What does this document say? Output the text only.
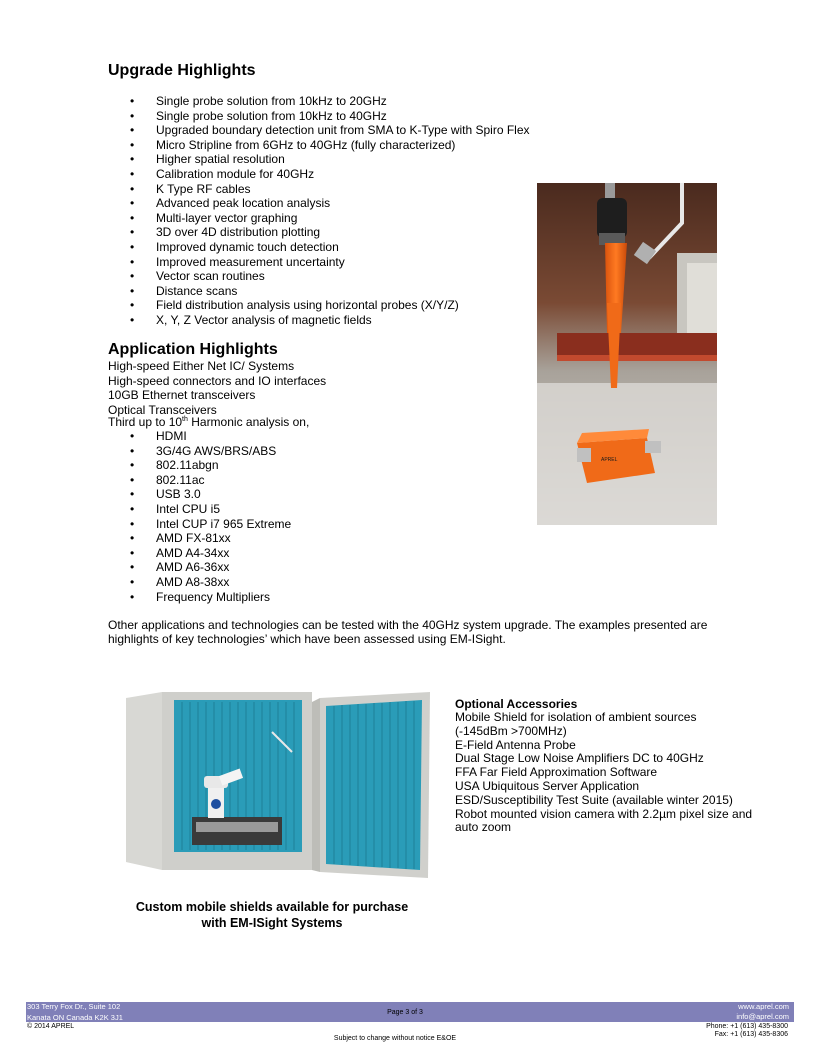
Upgrade Highlights
• Single probe solution from 10kHz to 20GHz
• Single probe solution from 10kHz to 40GHz
• Upgraded boundary detection unit from SMA to K-Type with Spiro Flex
• Micro Stripline from 6GHz to 40GHz (fully characterized)
• Higher spatial resolution
• Calibration module for 40GHz
• K Type RF cables
• Advanced peak location analysis
• Multi-layer vector graphing
• 3D over 4D distribution plotting
• Improved dynamic touch detection
• Improved measurement uncertainty
• Vector scan routines
• Distance scans
• Field distribution analysis using horizontal probes (X/Y/Z)
• X, Y, Z Vector analysis of magnetic fields
APREL
Application Highlights
High-speed Either Net IC/ Systems
High-speed connectors and IO interfaces
10GB Ethernet transceivers
Optical Transceivers
Third up to 10th Harmonic analysis on,
• HDMI
• 3G/4G AWS/BRS/ABS
• 802.11abgn
• 802.11ac
• USB 3.0
• Intel CPU i5
• Intel CUP i7 965 Extreme
• AMD FX-81xx
• AMD A4-34xx
• AMD A6-36xx
• AMD A8-38xx
• Frequency Multipliers
Other applications and technologies can be tested with the 40GHz system upgrade. The examples presented are highlights of key technologies’ which have been assessed using EM-ISight.
Optional Accessories
Mobile Shield for isolation of ambient sources
(-145dBm >700MHz)
E-Field Antenna Probe
Dual Stage Low Noise Amplifiers DC to 40GHz
FFA Far Field Approximation Software
USA Ubiquitous Server Application
ESD/Susceptibility Test Suite (available winter 2015)
Robot mounted vision camera with 2.2µm pixel size and auto zoom
Custom mobile shields available for purchase
with EM-ISight Systems
303 Terry Fox Dr., Suite 102
Kanata ON Canada K2K 3J1
Page 3 of 3
www.aprel.com
info@aprel.com
© 2014 APREL	Phone: +1 (613) 435-8300
Fax: +1 (613) 435-8306
Subject to change without notice E&OE
